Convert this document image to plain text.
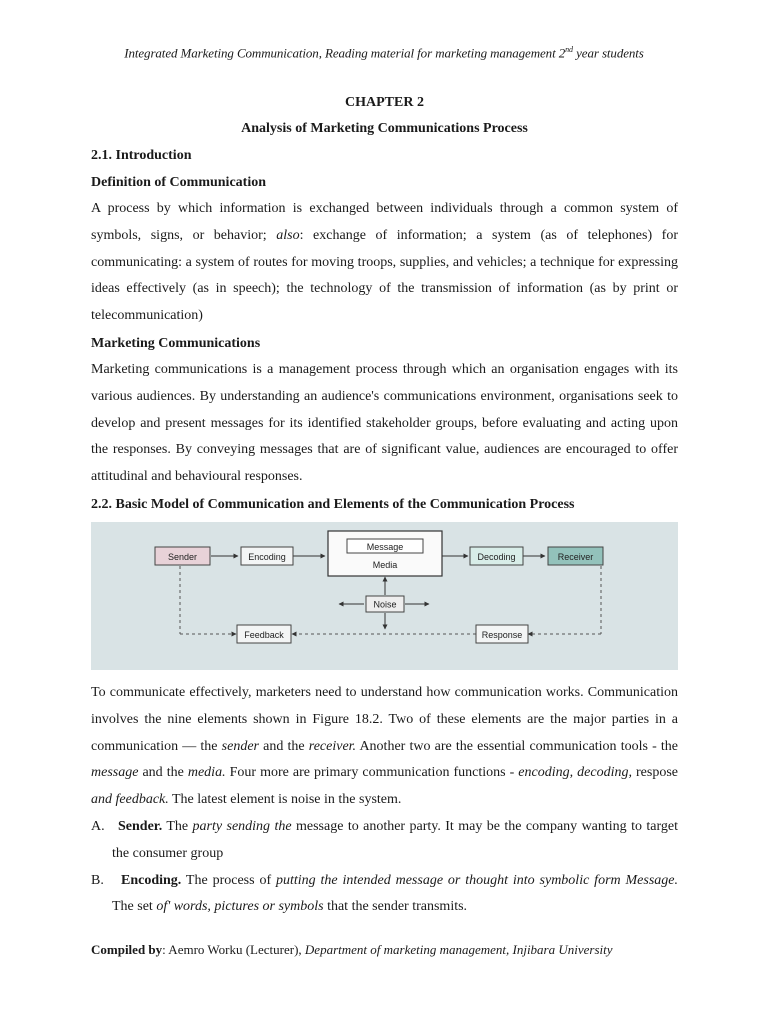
Integrated Marketing Communication, Reading material for marketing management 2nd year students
CHAPTER 2
Analysis of Marketing Communications Process
2.1. Introduction
Definition of Communication

A process by which information is exchanged between individuals through a common system of symbols, signs, or behavior; also: exchange of information; a system (as of telephones) for communicating: a system of routes for moving troops, supplies, and vehicles; a technique for expressing ideas effectively (as in speech); the technology of the transmission of information (as by print or telecommunication)

Marketing Communications

Marketing communications is a management process through which an organisation engages with its various audiences. By understanding an audience's communications environment, organisations seek to develop and present messages for its identified stakeholder groups, before evaluating and acting upon the responses. By conveying messages that are of significant value, audiences are encouraged to offer attitudinal and behavioural responses.

2.2. Basic Model of Communication and Elements of the Communication Process
Sender	Encoding
Message
Media
Decoding	Receiver
Noise
Feedback	Response

To communicate effectively, marketers need to understand how communication works. Communication involves the nine elements shown in Figure 18.2. Two of these elements are the major parties in a communication — the sender and the receiver. Another two are the essential communication tools - the message and the media. Four more are primary communication functions - encoding, decoding, respose and feedback. The latest element is noise in the system.

A. Sender. The party sending the message to another party. It may be the company wanting to target the consumer group
B. Encoding. The process of putting the intended message or thought into symbolic form Message. The set of' words, pictures or symbols that the sender transmits.
Compiled by: Aemro Worku (Lecturer), Department of marketing management, Injibara University
